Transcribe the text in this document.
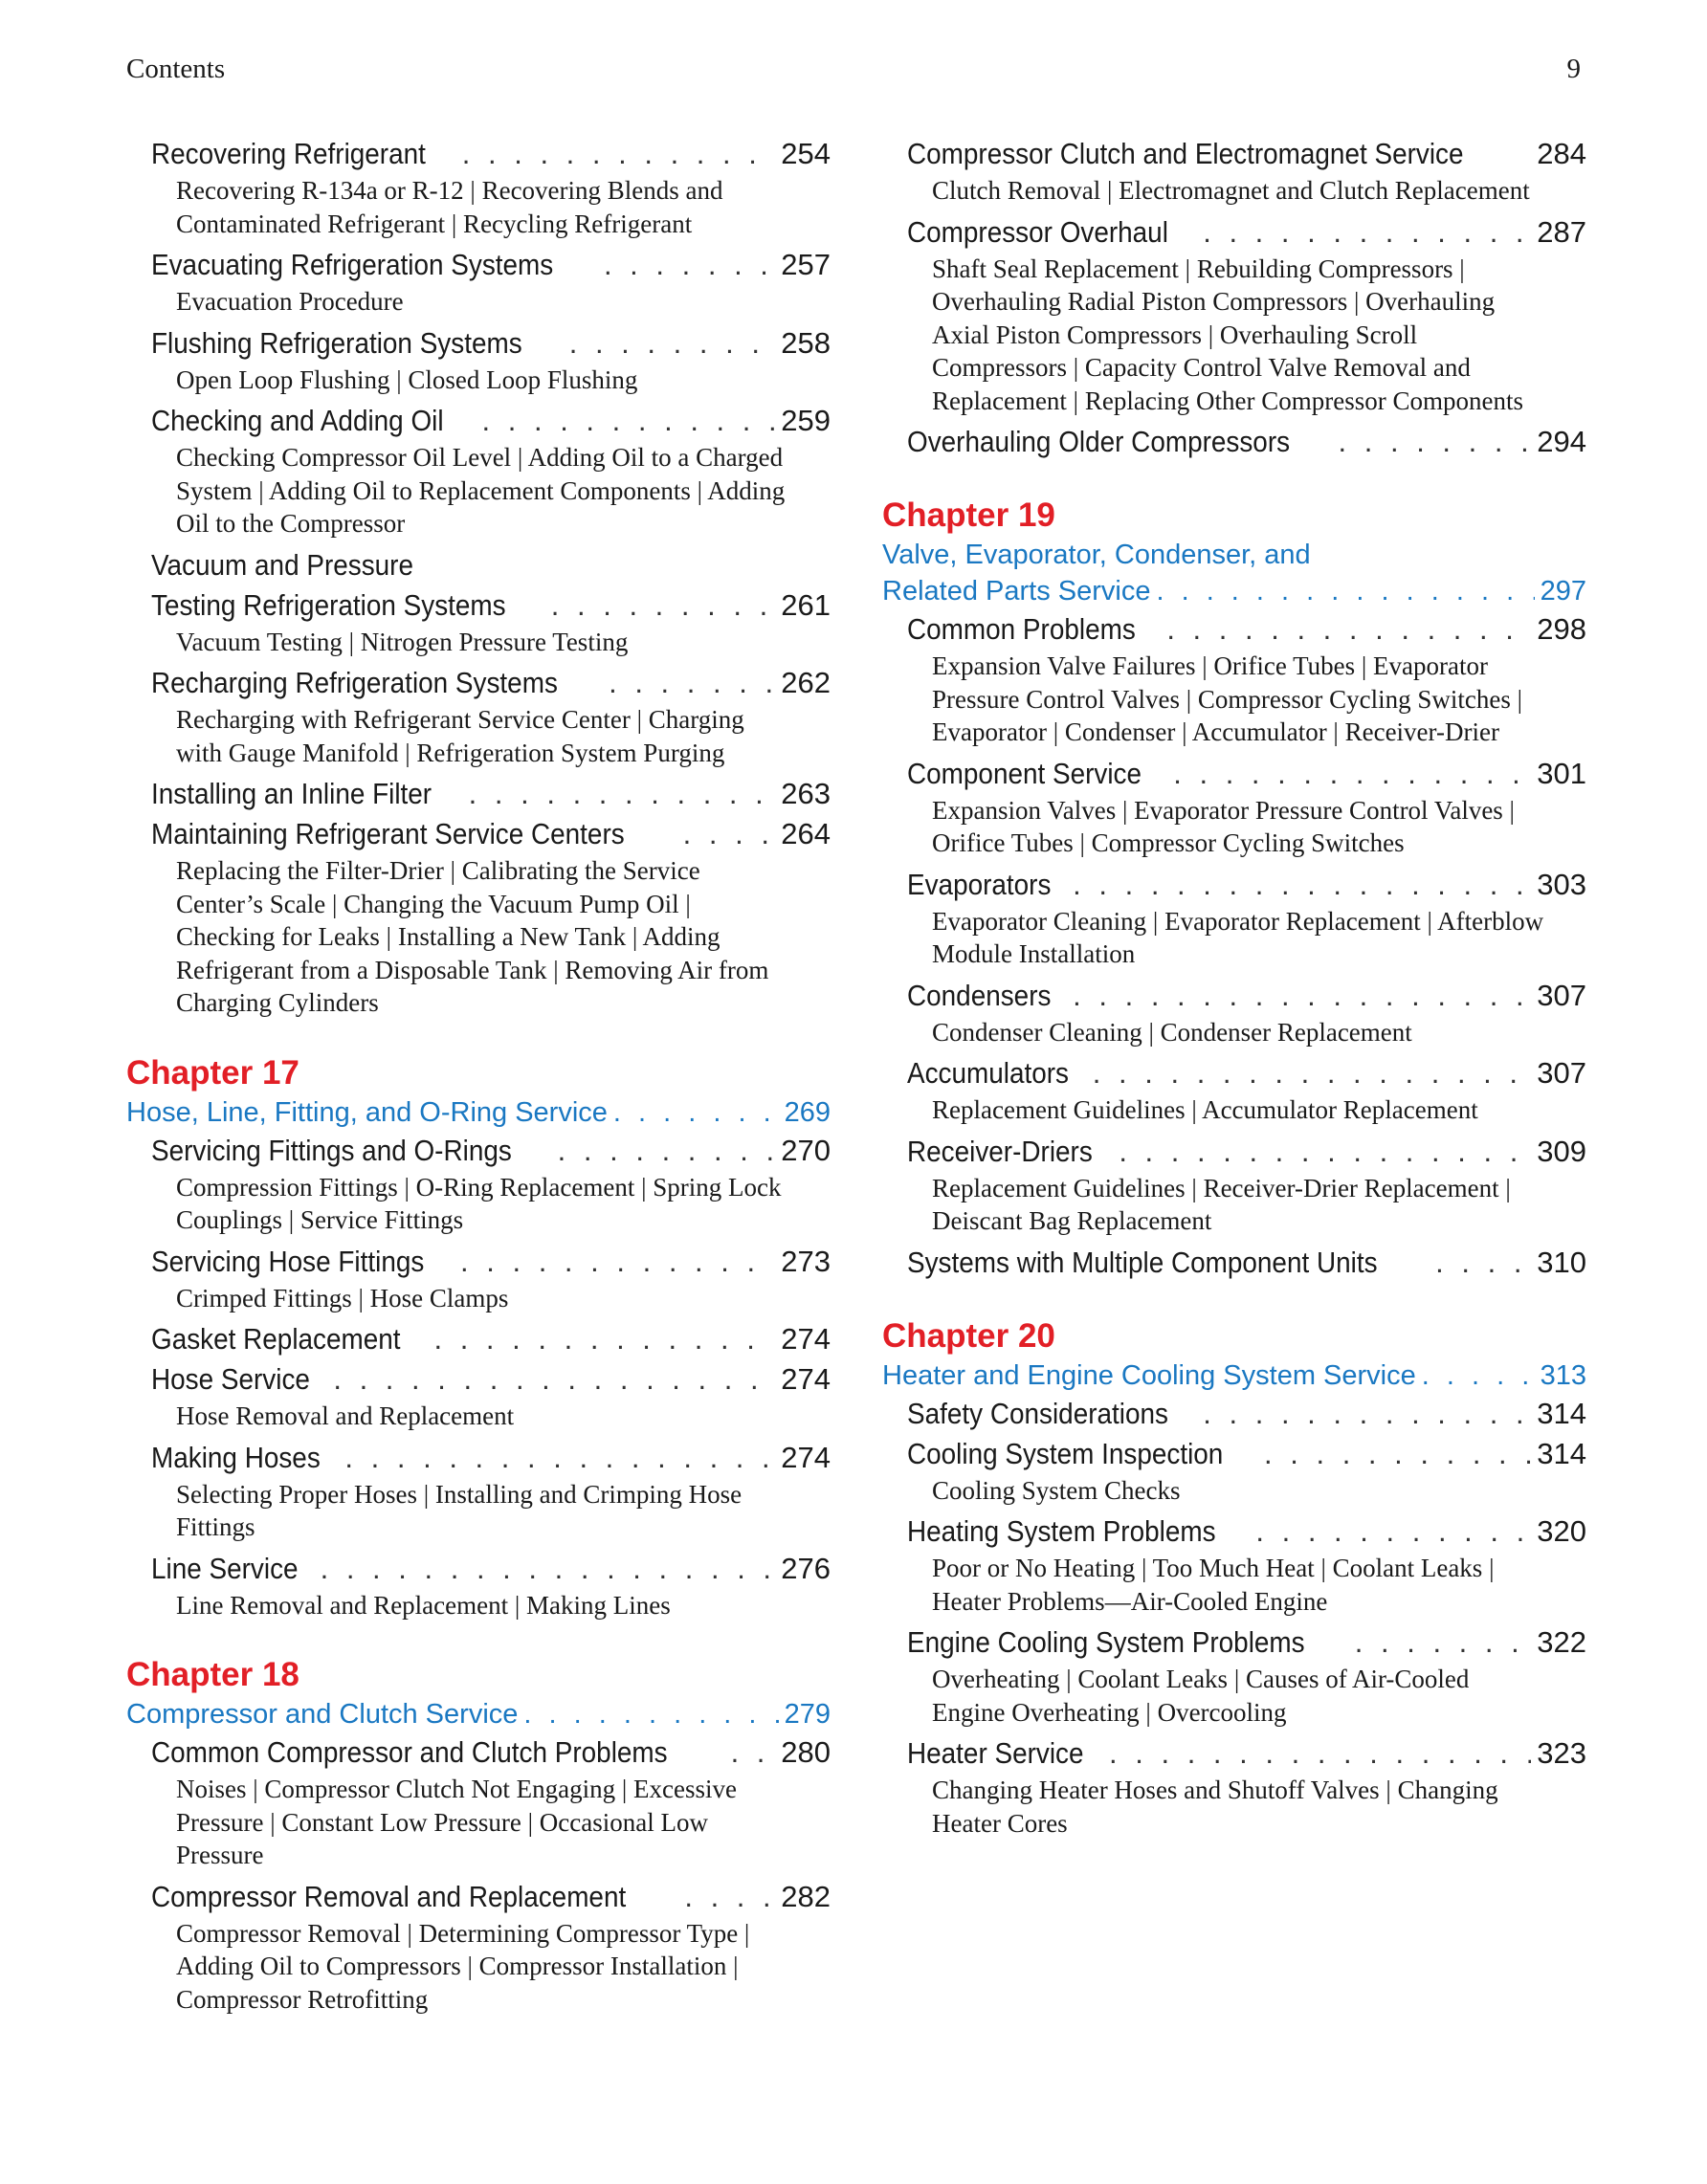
Contents	9
Recovering Refrigerant . . .	254
Recovering R-134a or R-12 | Recovering Blends and Contaminated Refrigerant | Recycling Refrigerant
Evacuating Refrigeration Systems . . .	257
Evacuation Procedure
Flushing Refrigeration Systems . . .	258
Open Loop Flushing | Closed Loop Flushing
Checking and Adding Oil . . .	259
Checking Compressor Oil Level | Adding Oil to a Charged System | Adding Oil to Replacement Components | Adding Oil to the Compressor
Vacuum and Pressure
Testing Refrigeration Systems . . .	261
Vacuum Testing | Nitrogen Pressure Testing
Recharging Refrigeration Systems . . .	262
Recharging with Refrigerant Service Center | Charging with Gauge Manifold | Refrigeration System Purging
Installing an Inline Filter . . .	263
Maintaining Refrigerant Service Centers . . .	264
Replacing the Filter-Drier | Calibrating the Service Center’s Scale | Changing the Vacuum Pump Oil | Checking for Leaks | Installing a New Tank | Adding Refrigerant from a Disposable Tank | Removing Air from Charging Cylinders
Chapter 17
Hose, Line, Fitting, and O-Ring Service . . .	269
Servicing Fittings and O-Rings . . .	270
Compression Fittings | O-Ring Replacement | Spring Lock Couplings | Service Fittings
Servicing Hose Fittings . . .	273
Crimped Fittings | Hose Clamps
Gasket Replacement . . .	274
Hose Service . . .	274
Hose Removal and Replacement
Making Hoses . . .	274
Selecting Proper Hoses | Installing and Crimping Hose Fittings
Line Service . . .	276
Line Removal and Replacement | Making Lines
Chapter 18
Compressor and Clutch Service . . .	279
Common Compressor and Clutch Problems . . .	280
Noises | Compressor Clutch Not Engaging | Excessive Pressure | Constant Low Pressure | Occasional Low Pressure
Compressor Removal and Replacement . . .	282
Compressor Removal | Determining Compressor Type | Adding Oil to Compressors | Compressor Installation | Compressor Retrofitting
Compressor Clutch and Electromagnet Service . . . 284
Clutch Removal | Electromagnet and Clutch Replacement
Compressor Overhaul . . .	287
Shaft Seal Replacement | Rebuilding Compressors | Overhauling Radial Piston Compressors | Overhauling Axial Piston Compressors | Overhauling Scroll Compressors | Capacity Control Valve Removal and Replacement | Replacing Other Compressor Components
Overhauling Older Compressors . . .	294
Chapter 19
Valve, Evaporator, Condenser, and
Related Parts Service . . .	297
Common Problems . . .	298
Expansion Valve Failures | Orifice Tubes | Evaporator Pressure Control Valves | Compressor Cycling Switches | Evaporator | Condenser | Accumulator | Receiver-Drier
Component Service . . .	301
Expansion Valves | Evaporator Pressure Control Valves | Orifice Tubes | Compressor Cycling Switches
Evaporators . . .	303
Evaporator Cleaning | Evaporator Replacement | Afterblow Module Installation
Condensers . . .	307
Condenser Cleaning | Condenser Replacement
Accumulators . . .	307
Replacement Guidelines | Accumulator Replacement
Receiver-Driers . . .	309
Replacement Guidelines | Receiver-Drier Replacement | Deiscant Bag Replacement
Systems with Multiple Component Units . . .	310
Chapter 20
Heater and Engine Cooling System Service . . .	313
Safety Considerations . . .	314
Cooling System Inspection . . .	314
Cooling System Checks
Heating System Problems . . .	320
Poor or No Heating | Too Much Heat | Coolant Leaks | Heater Problems—Air-Cooled Engine
Engine Cooling System Problems . . .	322
Overheating | Coolant Leaks | Causes of Air-Cooled Engine Overheating | Overcooling
Heater Service . . .	323
Changing Heater Hoses and Shutoff Valves | Changing Heater Cores
